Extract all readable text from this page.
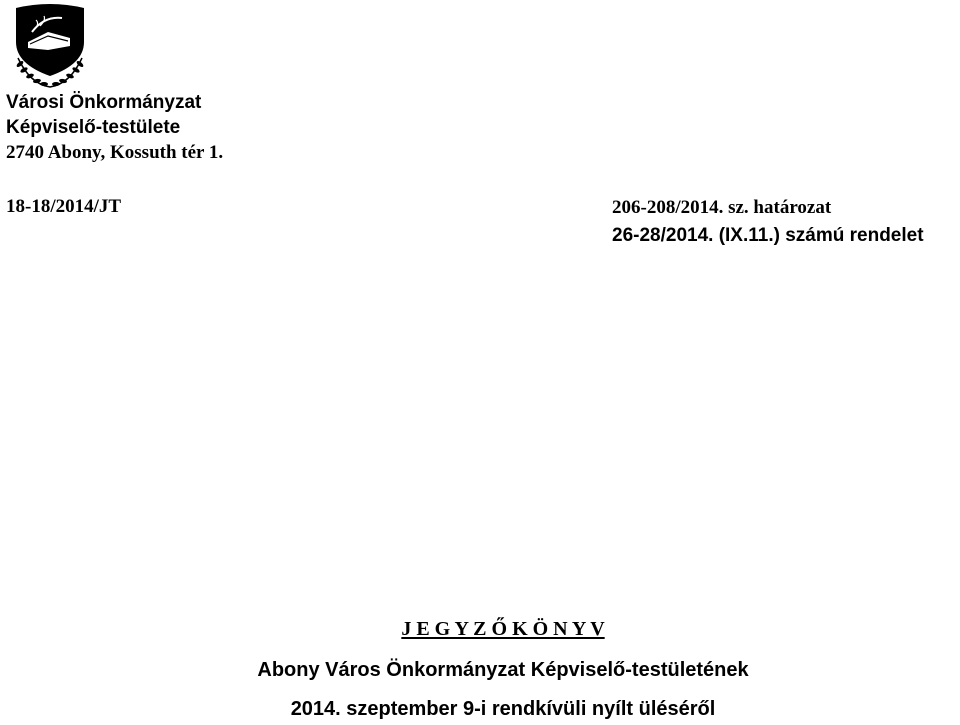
Városi Önkormányzat
Képviselő-testülete
2740 Abony, Kossuth tér 1.
18-18/2014/JT	206-208/2014. sz. határozat
26-28/2014. (IX.11.) számú rendelet
J E G Y Z Ő K Ö N Y V
Abony Város Önkormányzat Képviselő-testületének
2014. szeptember 9-i rendkívüli nyílt üléséről
